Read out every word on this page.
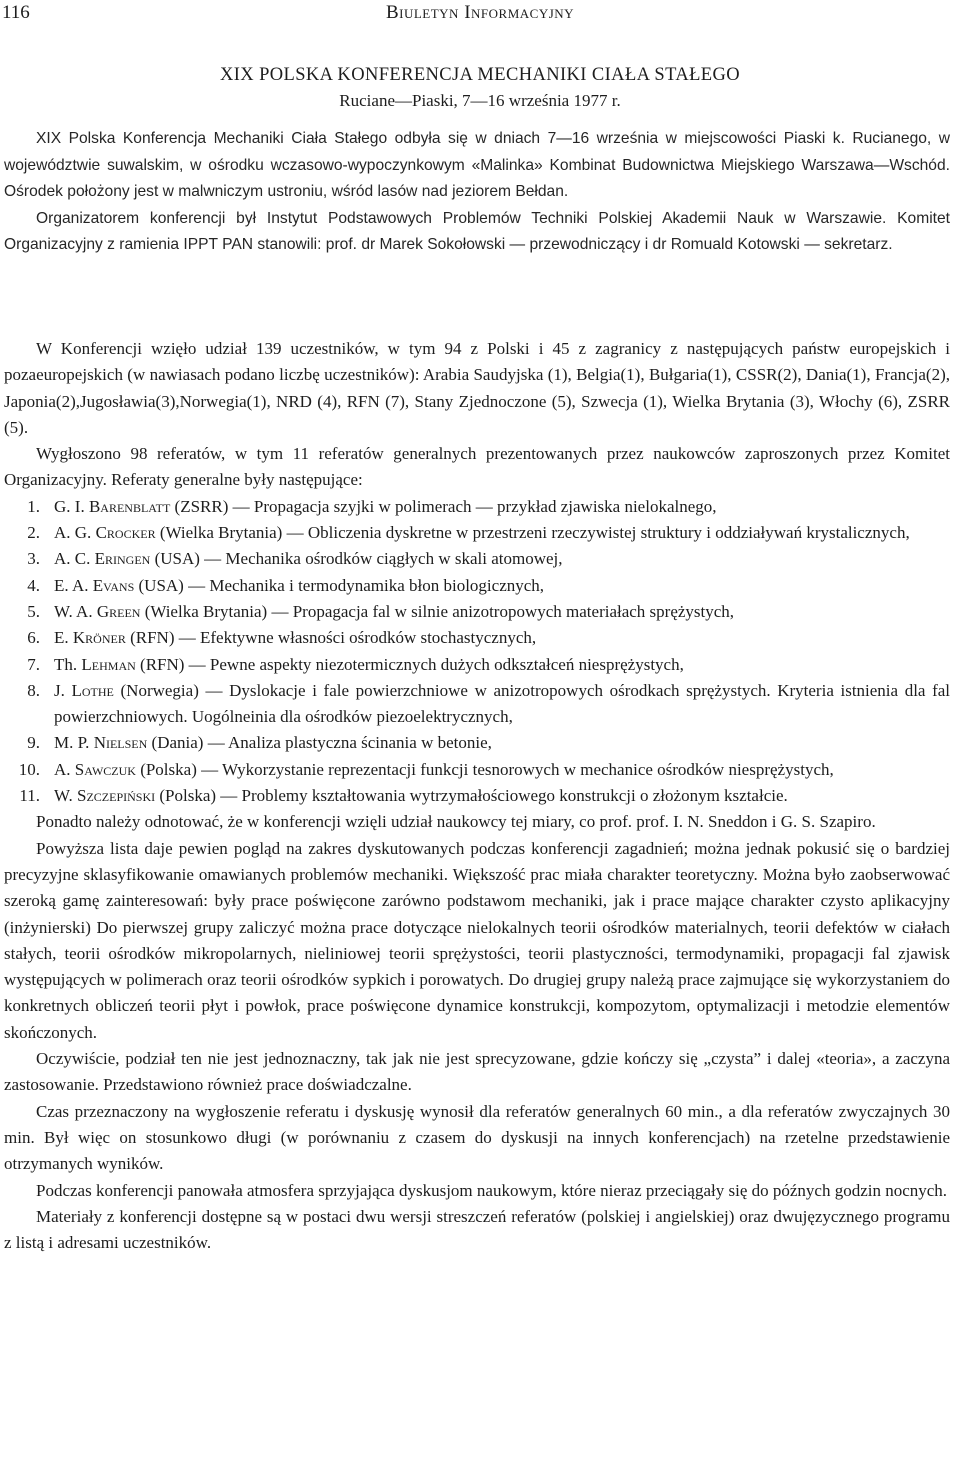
116	Biuletyn Informacyjny
XIX POLSKA KONFERENCJA MECHANIKI CIAŁA STAŁEGO
Ruciane—Piaski, 7—16 września 1977 r.

XIX Polska Konferencja Mechaniki Ciała Stałego odbyła się w dniach 7—16 września w miejscowości Piaski k. Rucianego, w województwie suwalskim, w ośrodku wczasowo-wypoczynkowym «Malinka» Kombinat Budownictwa Miejskiego Warszawa—Wschód. Ośrodek położony jest w malwniczym ustroniu, wśród lasów nad jeziorem Bełdan.

Organizatorem konferencji był Instytut Podstawowych Problemów Techniki Polskiej Akademii Nauk w Warszawie. Komitet Organizacyjny z ramienia IPPT PAN stanowili: prof. dr Marek Sokołowski — przewodniczący i dr Romuald Kotowski — sekretarz.

W Konferencji wzięło udział 139 uczestników, w tym 94 z Polski i 45 z zagranicy z następujących państw europejskich i pozaeuropejskich (w nawiasach podano liczbę uczestników): Arabia Saudyjska (1), Belgia(1), Bułgaria(1), CSSR(2), Dania(1), Francja(2), Japonia(2),Jugosławia(3),Norwegia(1), NRD (4), RFN (7), Stany Zjednoczone (5), Szwecja (1), Wielka Brytania (3), Włochy (6), ZSRR (5).

Wygłoszono 98 referatów, w tym 11 referatów generalnych prezentowanych przez naukowców zaproszonych przez Komitet Organizacyjny. Referaty generalne były następujące:

1. G. I. Barenblatt (ZSRR) — Propagacja szyjki w polimerach — przykład zjawiska nielokalnego,
2. A. G. Crocker (Wielka Brytania) — Obliczenia dyskretne w przestrzeni rzeczywistej struktury i oddziaływań krystalicznych,
3. A. C. Eringen (USA) — Mechanika ośrodków ciągłych w skali atomowej,
4. E. A. Evans (USA) — Mechanika i termodynamika błon biologicznych,
5. W. A. Green (Wielka Brytania) — Propagacja fal w silnie anizotropowych materiałach sprężystych,
6. E. Kröner (RFN) — Efektywne własności ośrodków stochastycznych,
7. Th. Lehman (RFN) — Pewne aspekty niezotermicznych dużych odkształceń niesprężystych,
8. J. Lothe (Norwegia) — Dyslokacje i fale powierzchniowe w anizotropowych ośrodkach sprężystych. Kryteria istnienia dla fal powierzchniowych. Uogólneinia dla ośrodków piezoelektrycznych,
9. M. P. Nielsen (Dania) — Analiza plastyczna ścinania w betonie,
10. A. Sawczuk (Polska) — Wykorzystanie reprezentacji funkcji tesnorowych w mechanice ośrodków niesprężystych,
11. W. Szczepiński (Polska) — Problemy kształtowania wytrzymałościowego konstrukcji o złożonym kształcie.

Ponadto należy odnotować, że w konferencji wzięli udział naukowcy tej miary, co prof. prof. I. N. Sneddon i G. S. Szapiro.

Powyższa lista daje pewien pogląd na zakres dyskutowanych podczas konferencji zagadnień; można jednak pokusić się o bardziej precyzyjne sklasyfikowanie omawianych problemów mechaniki. Większość prac miała charakter teoretyczny. Można było zaobserwować szeroką gamę zainteresowań: były prace poświęcone zarówno podstawom mechaniki, jak i prace mające charakter czysto aplikacyjny (inżynierski) Do pierwszej grupy zaliczyć można prace dotyczące nielokalnych teorii ośrodków materialnych, teorii defektów w ciałach stałych, teorii ośrodków mikropolarnych, nieliniowej teorii sprężystości, teorii plastyczności, termodynamiki, propagacji fal zjawisk występujących w polimerach oraz teorii ośrodków sypkich i porowatych. Do drugiej grupy należą prace zajmujące się wykorzystaniem do konkretnych obliczeń teorii płyt i powłok, prace poświęcone dynamice konstrukcji, kompozytom, optymalizacji i metodzie elementów skończonych.

Oczywiście, podział ten nie jest jednoznaczny, tak jak nie jest sprecyzowane, gdzie kończy się „czysta” i dalej «teoria», a zaczyna zastosowanie. Przedstawiono również prace doświadczalne.

Czas przeznaczony na wygłoszenie referatu i dyskusję wynosił dla referatów generalnych 60 min., a dla referatów zwyczajnych 30 min. Był więc on stosunkowo długi (w porównaniu z czasem do dyskusji na innych konferencjach) na rzetelne przedstawienie otrzymanych wyników.

Podczas konferencji panowała atmosfera sprzyjająca dyskusjom naukowym, które nieraz przeciągały się do późnych godzin nocnych.

Materiały z konferencji dostępne są w postaci dwu wersji streszczeń referatów (polskiej i angielskiej) oraz dwujęzycznego programu z listą i adresami uczestników.
